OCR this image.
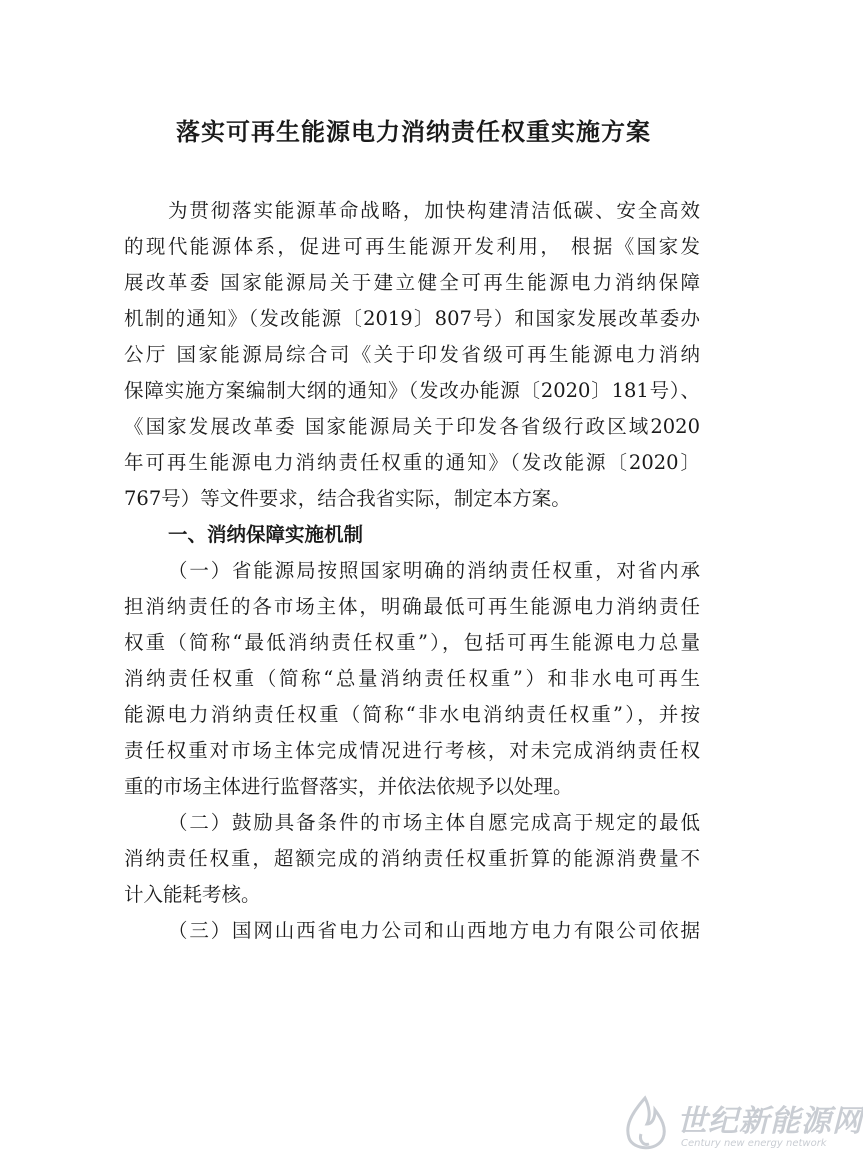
落实可再生能源电力消纳责任权重实施方案
为贯彻落实能源革命战略，加快构建清洁低碳、安全高效
的现代能源体系，促进可再生能源开发利用， 根据《国家发
展改革委 国家能源局关于建立健全可再生能源电力消纳保障
机制的通知》（发改能源〔2019〕807号）和国家发展改革委办
公厅 国家能源局综合司《关于印发省级可再生能源电力消纳
保障实施方案编制大纲的通知》（发改办能源〔2020〕181号）、
《国家发展改革委 国家能源局关于印发各省级行政区域2020
年可再生能源电力消纳责任权重的通知》（发改能源〔2020〕
767号）等文件要求，结合我省实际，制定本方案。
一、消纳保障实施机制
（一）省能源局按照国家明确的消纳责任权重，对省内承
担消纳责任的各市场主体，明确最低可再生能源电力消纳责任
权重（简称“最低消纳责任权重”），包括可再生能源电力总量
消纳责任权重（简称“总量消纳责任权重”）和非水电可再生
能源电力消纳责任权重（简称“非水电消纳责任权重”），并按
责任权重对市场主体完成情况进行考核，对未完成消纳责任权
重的市场主体进行监督落实，并依法依规予以处理。
（二）鼓励具备条件的市场主体自愿完成高于规定的最低
消纳责任权重，超额完成的消纳责任权重折算的能源消费量不
计入能耗考核。
（三）国网山西省电力公司和山西地方电力有限公司依据
世纪新能源网
Century new energy network
